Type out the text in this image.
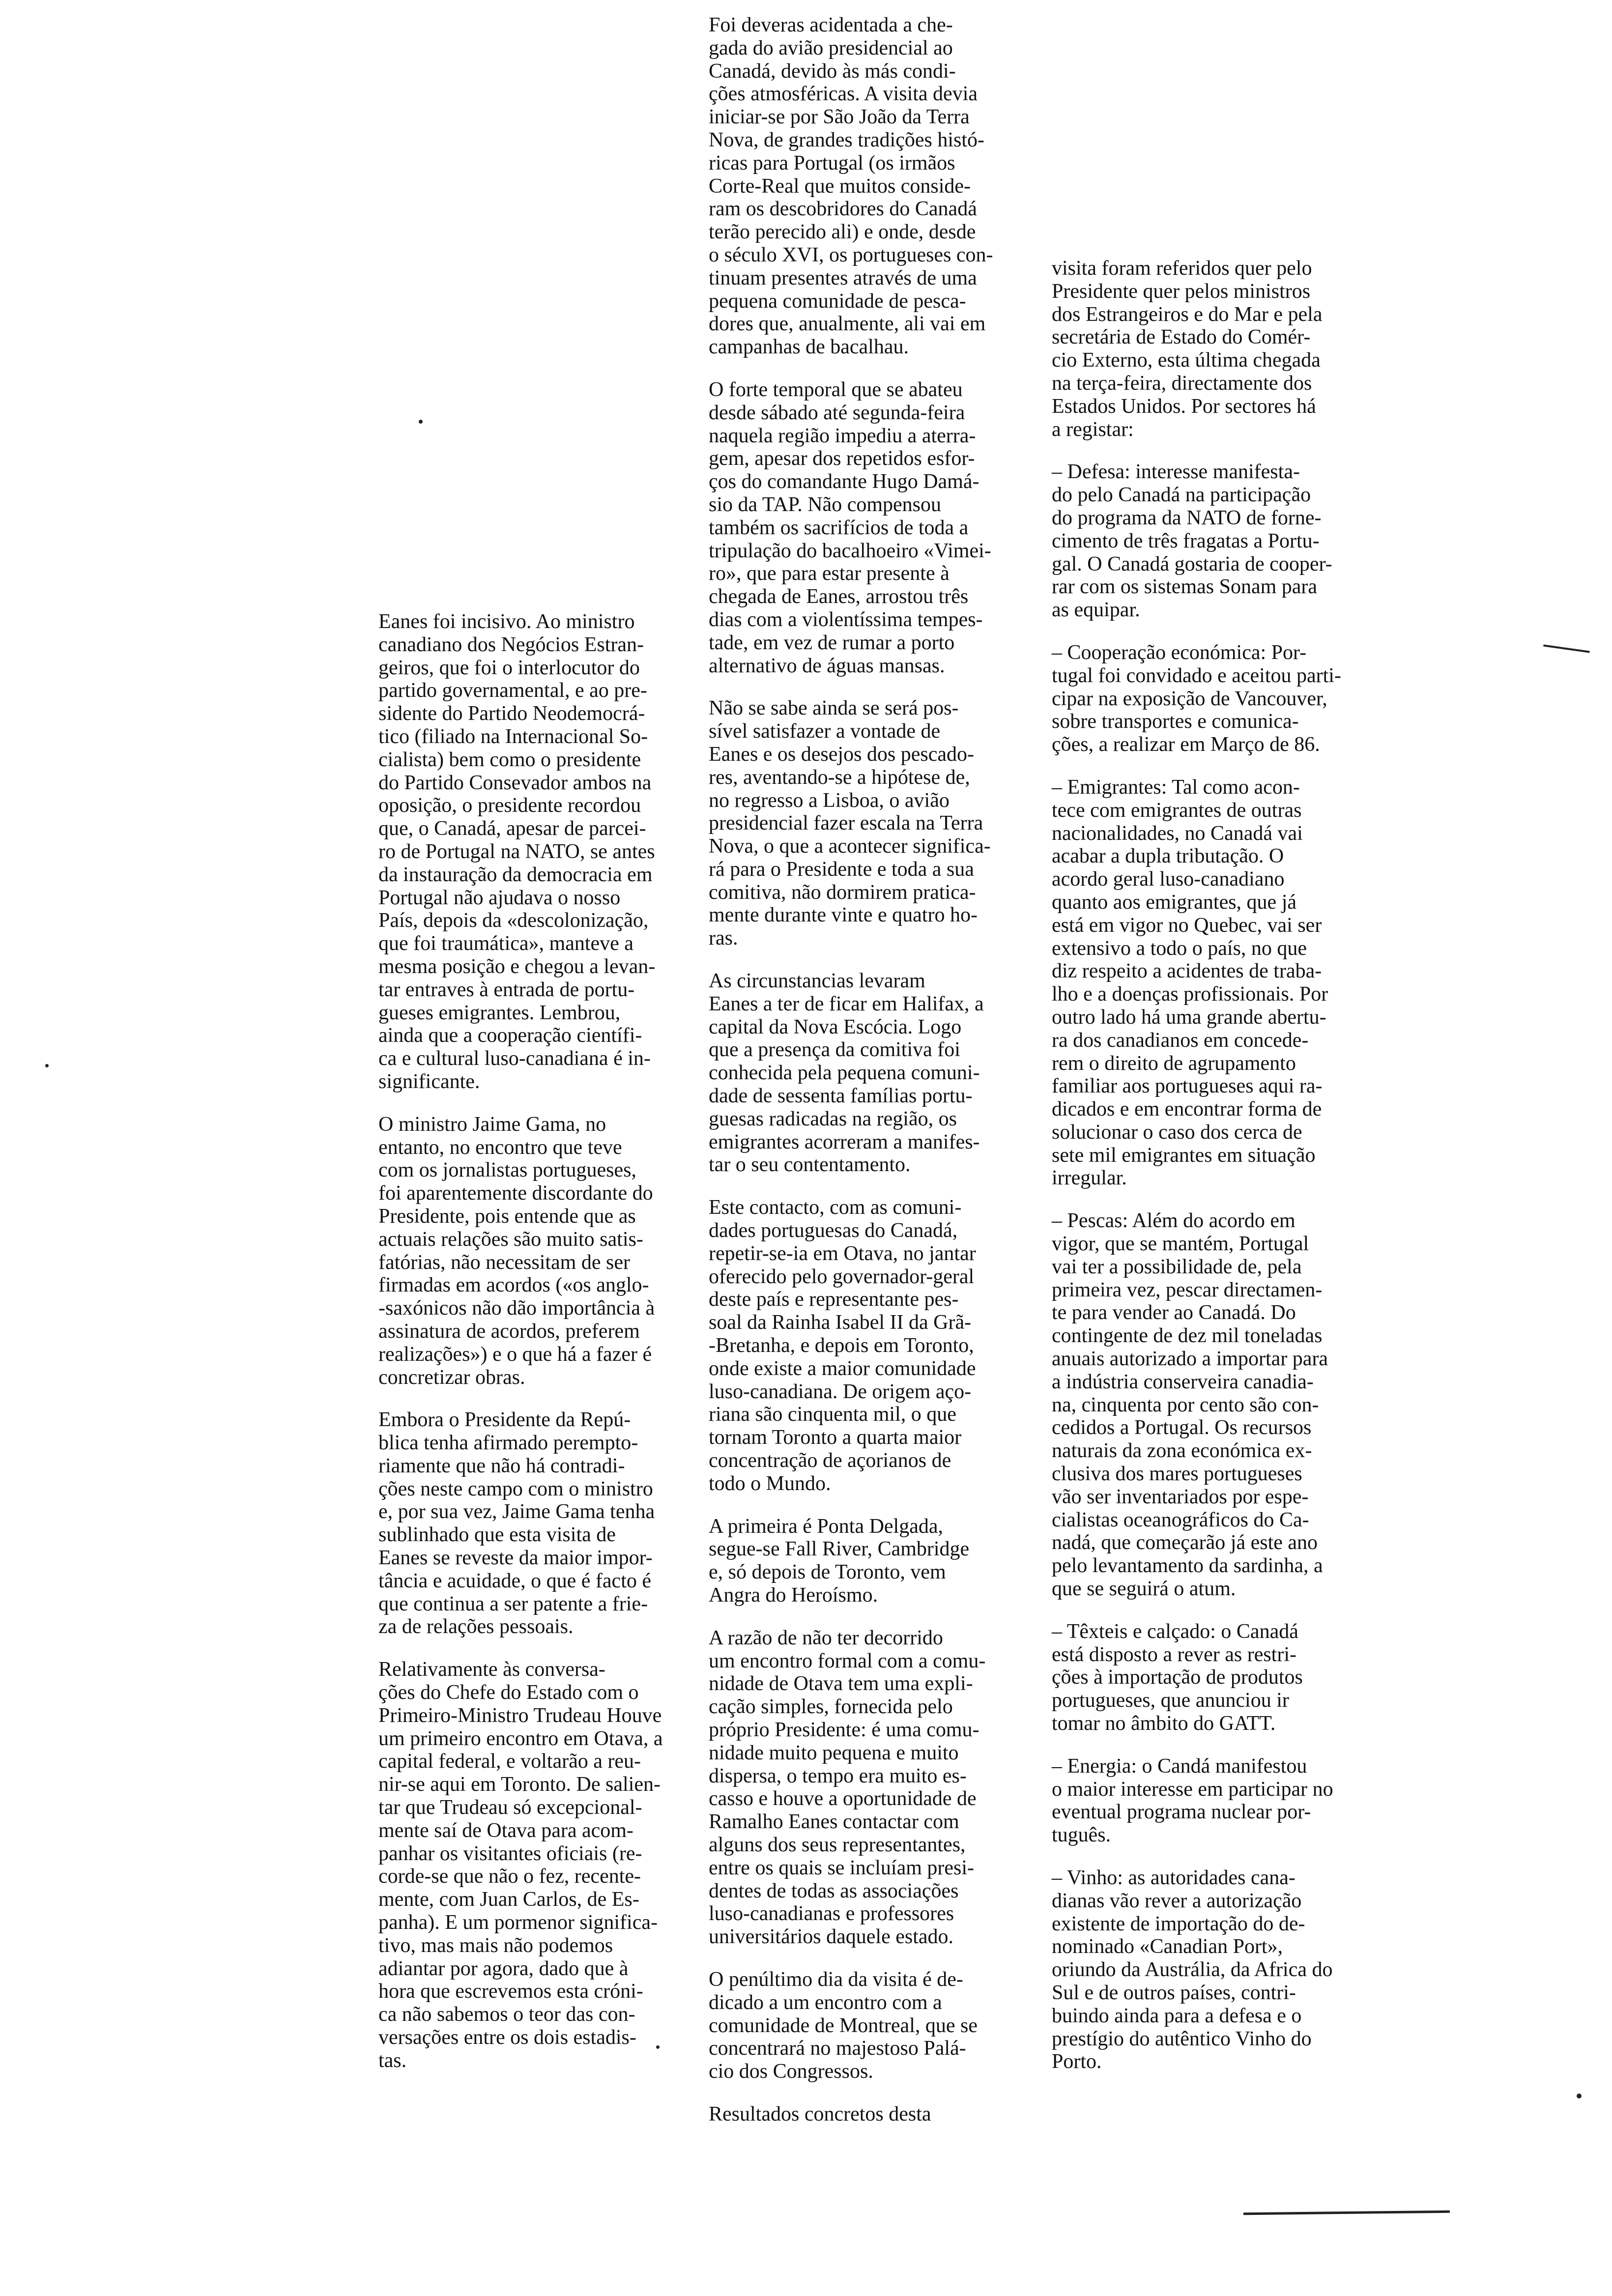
Eanes foi incisivo. Ao ministro

canadiano dos Negócios Estran-

geiros, que foi o interlocutor do

partido governamental, e ao pre-

sidente do Partido Neodemocrá-

tico (filiado na Internacional So-

cialista) bem como o presidente

do Partido Consevador ambos na

oposição, o presidente recordou

que, o Canadá, apesar de parcei-

ro de Portugal na NATO, se antes

da instauração da democracia em

Portugal não ajudava o nosso

País, depois da «descolonização,

que foi traumática», manteve a

mesma posição e chegou a levan-

tar entraves à entrada de portu-

gueses emigrantes. Lembrou,

ainda que a cooperação científi-

ca e cultural luso-canadiana é in-

significante.

O ministro Jaime Gama, no

entanto, no encontro que teve

com os jornalistas portugueses,

foi aparentemente discordante do

Presidente, pois entende que as

actuais relações são muito satis-

fatórias, não necessitam de ser

firmadas em acordos («os anglo-

-saxónicos não dão importância à

assinatura de acordos, preferem

realizações») e o que há a fazer é

concretizar obras.

Embora o Presidente da Repú-

blica tenha afirmado perempto-

riamente que não há contradi-

ções neste campo com o ministro

e, por sua vez, Jaime Gama tenha

sublinhado que esta visita de

Eanes se reveste da maior impor-

tância e acuidade, o que é facto é

que continua a ser patente a frie-

za de relações pessoais.

Relativamente às conversa-

ções do Chefe do Estado com o

Primeiro-Ministro Trudeau Houve

um primeiro encontro em Otava, a

capital federal, e voltarão a reu-

nir-se aqui em Toronto. De salien-

tar que Trudeau só excepcional-

mente saí de Otava para acom-

panhar os visitantes oficiais (re-

corde-se que não o fez, recente-

mente, com Juan Carlos, de Es-

panha). E um pormenor significa-

tivo, mas mais não podemos

adiantar por agora, dado que à

hora que escrevemos esta cróni-

ca não sabemos o teor das con-

versações entre os dois estadis-

tas.

Foi deveras acidentada a che-

gada do avião presidencial ao

Canadá, devido às más condi-

ções atmosféricas. A visita devia

iniciar-se por São João da Terra

Nova, de grandes tradições histó-

ricas para Portugal (os irmãos

Corte-Real que muitos conside-

ram os descobridores do Canadá

terão perecido ali) e onde, desde

o século XVI, os portugueses con-

tinuam presentes através de uma

pequena comunidade de pesca-

dores que, anualmente, ali vai em

campanhas de bacalhau.

O forte temporal que se abateu

desde sábado até segunda-feira

naquela região impediu a aterra-

gem, apesar dos repetidos esfor-

ços do comandante Hugo Damá-

sio da TAP. Não compensou

também os sacrifícios de toda a

tripulação do bacalhoeiro «Vimei-

ro», que para estar presente à

chegada de Eanes, arrostou três

dias com a violentíssima tempes-

tade, em vez de rumar a porto

alternativo de águas mansas.

Não se sabe ainda se será pos-

sível satisfazer a vontade de

Eanes e os desejos dos pescado-

res, aventando-se a hipótese de,

no regresso a Lisboa, o avião

presidencial fazer escala na Terra

Nova, o que a acontecer significa-

rá para o Presidente e toda a sua

comitiva, não dormirem pratica-

mente durante vinte e quatro ho-

ras.

As circunstancias levaram

Eanes a ter de ficar em Halifax, a

capital da Nova Escócia. Logo

que a presença da comitiva foi

conhecida pela pequena comuni-

dade de sessenta famílias portu-

guesas radicadas na região, os

emigrantes acorreram a manifes-

tar o seu contentamento.

Este contacto, com as comuni-

dades portuguesas do Canadá,

repetir-se-ia em Otava, no jantar

oferecido pelo governador-geral

deste país e representante pes-

soal da Rainha Isabel II da Grã-

-Bretanha, e depois em Toronto,

onde existe a maior comunidade

luso-canadiana. De origem aço-

riana são cinquenta mil, o que

tornam Toronto a quarta maior

concentração de açorianos de

todo o Mundo.

A primeira é Ponta Delgada,

segue-se Fall River, Cambridge

e, só depois de Toronto, vem

Angra do Heroísmo.

A razão de não ter decorrido

um encontro formal com a comu-

nidade de Otava tem uma expli-

cação simples, fornecida pelo

próprio Presidente: é uma comu-

nidade muito pequena e muito

dispersa, o tempo era muito es-

casso e houve a oportunidade de

Ramalho Eanes contactar com

alguns dos seus representantes,

entre os quais se incluíam presi-

dentes de todas as associações

luso-canadianas e professores

universitários daquele estado.

O penúltimo dia da visita é de-

dicado a um encontro com a

comunidade de Montreal, que se

concentrará no majestoso Palá-

cio dos Congressos.

Resultados concretos desta

visita foram referidos quer pelo

Presidente quer pelos ministros

dos Estrangeiros e do Mar e pela

secretária de Estado do Comér-

cio Externo, esta última chegada

na terça-feira, directamente dos

Estados Unidos. Por sectores há

a registar:

– Defesa: interesse manifesta-

do pelo Canadá na participação

do programa da NATO de forne-

cimento de três fragatas a Portu-

gal. O Canadá gostaria de cooper-

rar com os sistemas Sonam para

as equipar.

– Cooperação económica: Por-

tugal foi convidado e aceitou parti-

cipar na exposição de Vancouver,

sobre transportes e comunica-

ções, a realizar em Março de 86.

– Emigrantes: Tal como acon-

tece com emigrantes de outras

nacionalidades, no Canadá vai

acabar a dupla tributação. O

acordo geral luso-canadiano

quanto aos emigrantes, que já

está em vigor no Quebec, vai ser

extensivo a todo o país, no que

diz respeito a acidentes de traba-

lho e a doenças profissionais. Por

outro lado há uma grande abertu-

ra dos canadianos em concede-

rem o direito de agrupamento

familiar aos portugueses aqui ra-

dicados e em encontrar forma de

solucionar o caso dos cerca de

sete mil emigrantes em situação

irregular.

– Pescas: Além do acordo em

vigor, que se mantém, Portugal

vai ter a possibilidade de, pela

primeira vez, pescar directamen-

te para vender ao Canadá. Do

contingente de dez mil toneladas

anuais autorizado a importar para

a indústria conserveira canadia-

na, cinquenta por cento são con-

cedidos a Portugal. Os recursos

naturais da zona económica ex-

clusiva dos mares portugueses

vão ser inventariados por espe-

cialistas oceanográficos do Ca-

nadá, que começarão já este ano

pelo levantamento da sardinha, a

que se seguirá o atum.

– Têxteis e calçado: o Canadá

está disposto a rever as restri-

ções à importação de produtos

portugueses, que anunciou ir

tomar no âmbito do GATT.

– Energia: o Candá manifestou

o maior interesse em participar no

eventual programa nuclear por-

tuguês.

– Vinho: as autoridades cana-

dianas vão rever a autorização

existente de importação do de-

nominado «Canadian Port»,

oriundo da Austrália, da Africa do

Sul e de outros países, contri-

buindo ainda para a defesa e o

prestígio do autêntico Vinho do

Porto.
